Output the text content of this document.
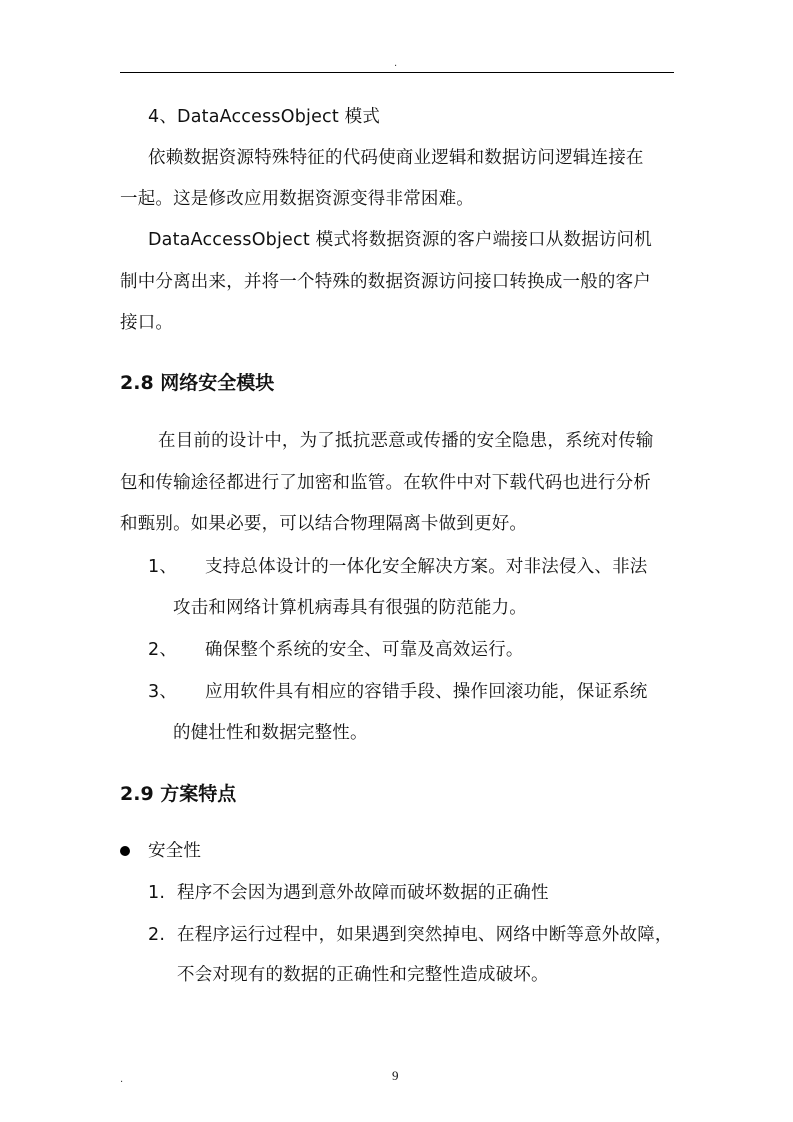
.
4、DataAccessObject 模式
依赖数据资源特殊特征的代码使商业逻辑和数据访问逻辑连接在
一起。这是修改应用数据资源变得非常困难。
DataAccessObject 模式将数据资源的客户端接口从数据访问机
制中分离出来，并将一个特殊的数据资源访问接口转换成一般的客户
接口。
2.8 网络安全模块
在目前的设计中，为了抵抗恶意或传播的安全隐患，系统对传输
包和传输途径都进行了加密和监管。在软件中对下载代码也进行分析
和甄别。如果必要，可以结合物理隔离卡做到更好。
1、 支持总体设计的一体化安全解决方案。对非法侵入、非法
攻击和网络计算机病毒具有很强的防范能力。
2、 确保整个系统的安全、可靠及高效运行。
3、 应用软件具有相应的容错手段、操作回滚功能，保证系统
的健壮性和数据完整性。
2.9 方案特点
安全性
1. 程序不会因为遇到意外故障而破坏数据的正确性
2. 在程序运行过程中，如果遇到突然掉电、网络中断等意外故障，
不会对现有的数据的正确性和完整性造成破坏。
.	9
